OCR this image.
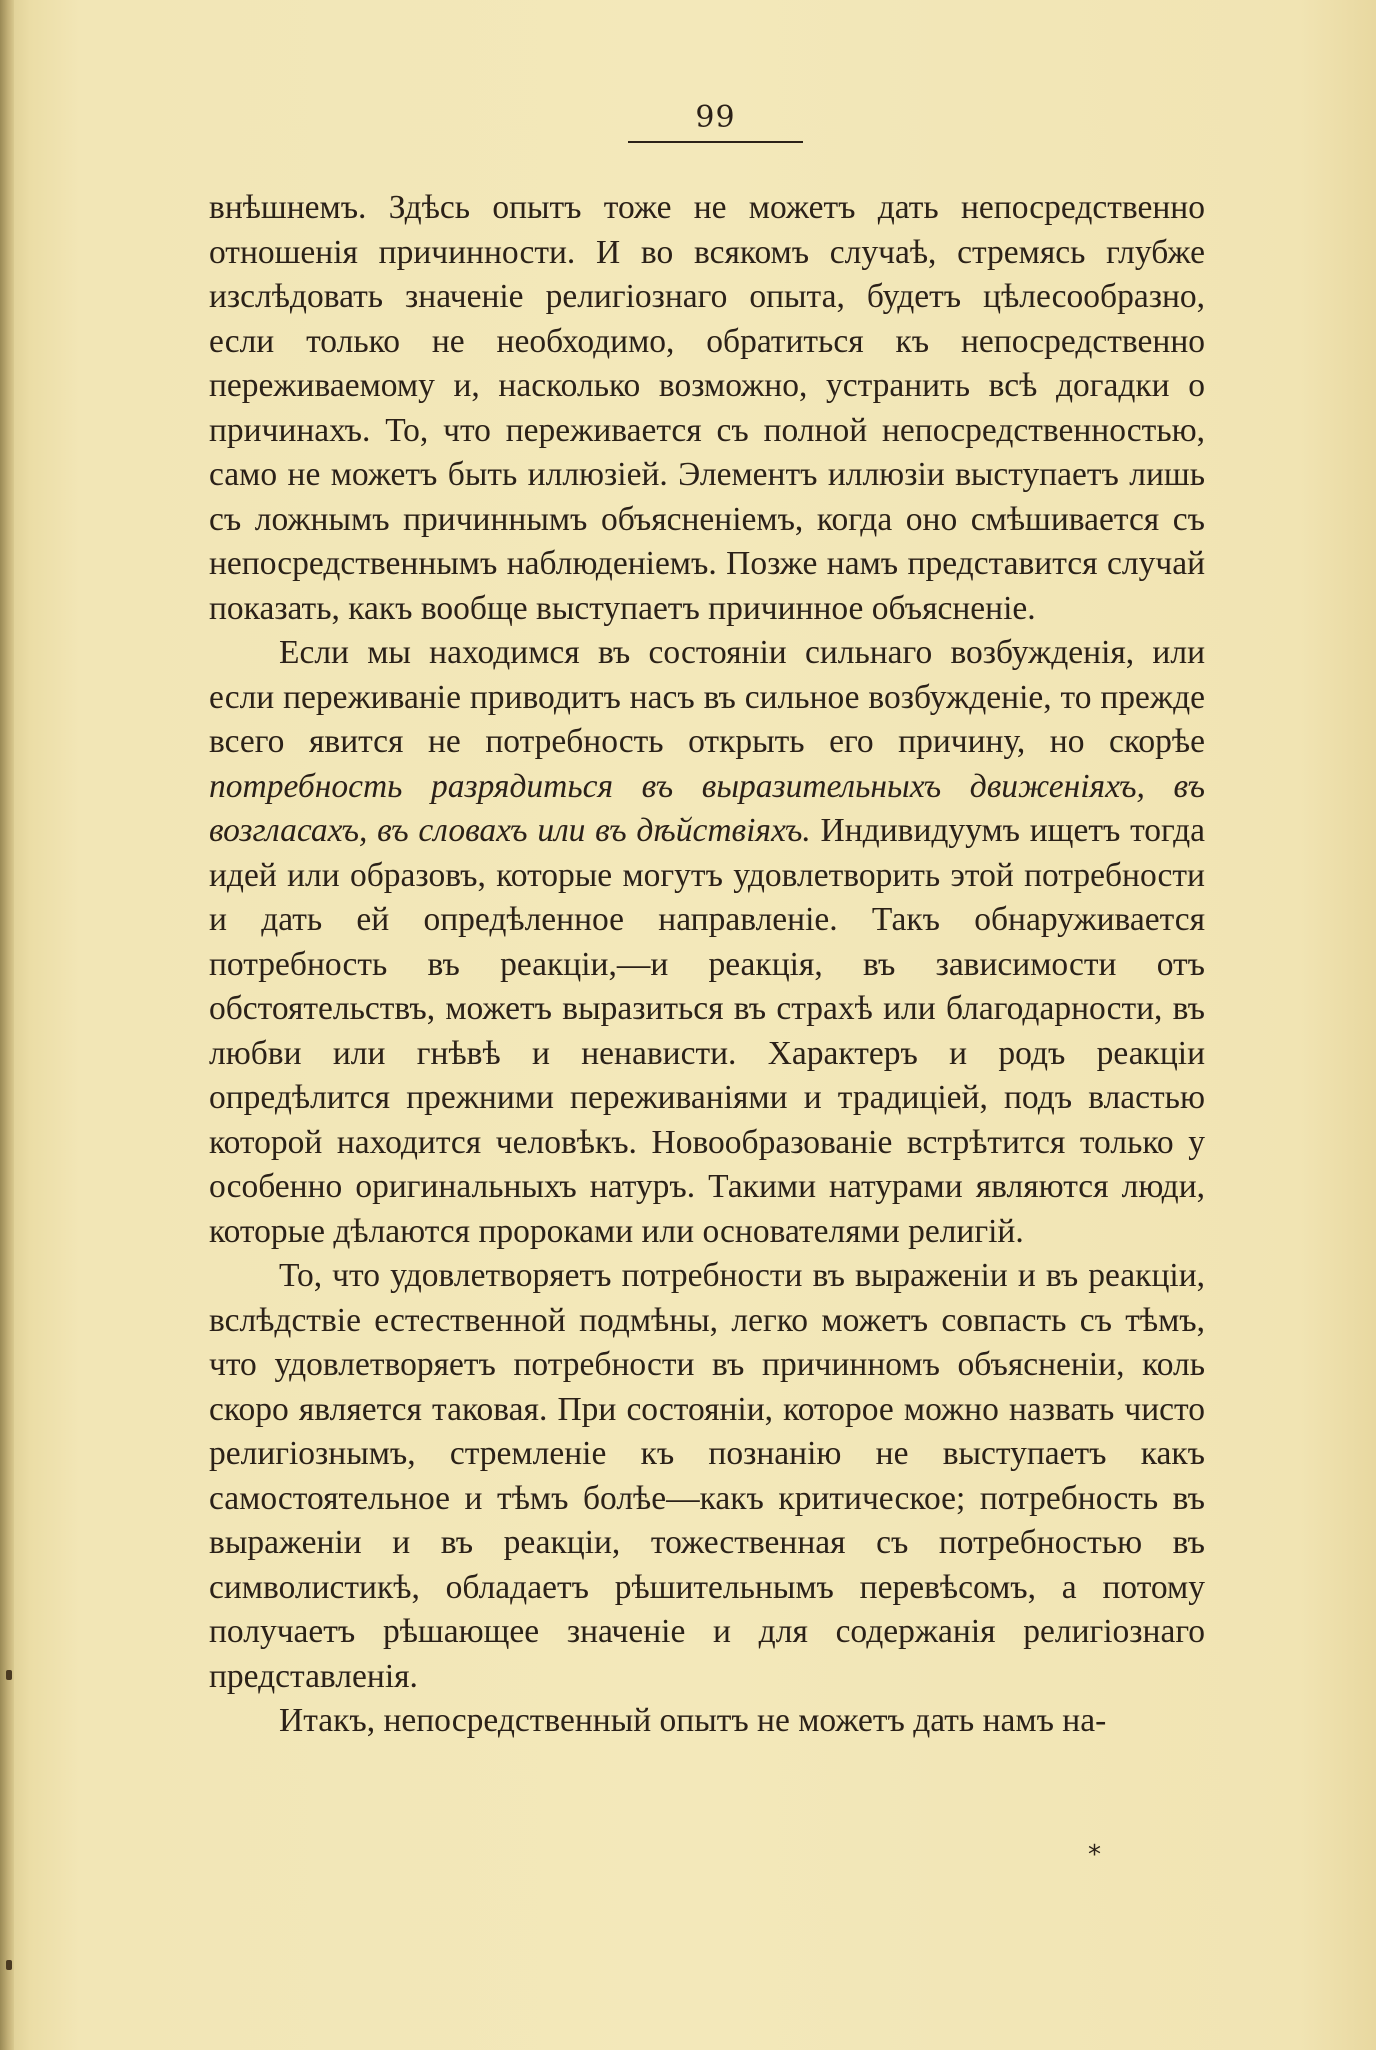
99

внѣшнемъ. Здѣсь опытъ тоже не можетъ дать непосредственно отношенія причинности. И во всякомъ случаѣ, стремясь глубже изслѣдовать значеніе религіознаго опыта, будетъ цѣлесообразно, если только не необходимо, обратиться къ непосредственно переживаемому и, насколько возможно, устранить всѣ догадки о причинахъ. То, что переживается съ полной непосредственностью, само не можетъ быть иллюзіей. Элементъ иллюзіи выступаетъ лишь съ ложнымъ причиннымъ объясненіемъ, когда оно смѣшивается съ непосредственнымъ наблюденіемъ. Позже намъ представится случай показать, какъ вообще выступаетъ причинное объясненіе.

Если мы находимся въ состояніи сильнаго возбужденія, или если переживаніе приводитъ насъ въ сильное возбужденіе, то прежде всего явится не потребность открыть его причину, но скорѣе потребность разрядиться въ выразительныхъ движеніяхъ, въ возгласахъ, въ словахъ или въ дѣйствіяхъ. Индивидуумъ ищетъ тогда идей или образовъ, которые могутъ удовлетворить этой потребности и дать ей опредѣленное направленіе. Такъ обнаруживается потребность въ реакціи,—и реакція, въ зависимости отъ обстоятельствъ, можетъ выразиться въ страхѣ или благодарности, въ любви или гнѣвѣ и ненависти. Характеръ и родъ реакціи опредѣлится прежними переживаніями и традиціей, подъ властью которой находится человѣкъ. Новообразованіе встрѣтится только у особенно оригинальныхъ натуръ. Такими натурами являются люди, которые дѣлаются пророками или основателями религій.

То, что удовлетворяетъ потребности въ выраженіи и въ реакціи, вслѣдствіе естественной подмѣны, легко можетъ совпасть съ тѣмъ, что удовлетворяетъ потребности въ причинномъ объясненіи, коль скоро является таковая. При состояніи, которое можно назвать чисто религіознымъ, стремленіе къ познанію не выступаетъ какъ самостоятельное и тѣмъ болѣе—какъ критическое; потребность въ выраженіи и въ реакціи, тожественная съ потребностью въ символистикѣ, обладаетъ рѣшительнымъ перевѣсомъ, а потому получаетъ рѣшающее значеніе и для содержанія религіознаго представленія.

Итакъ, непосредственный опытъ не можетъ дать намъ на-

*
